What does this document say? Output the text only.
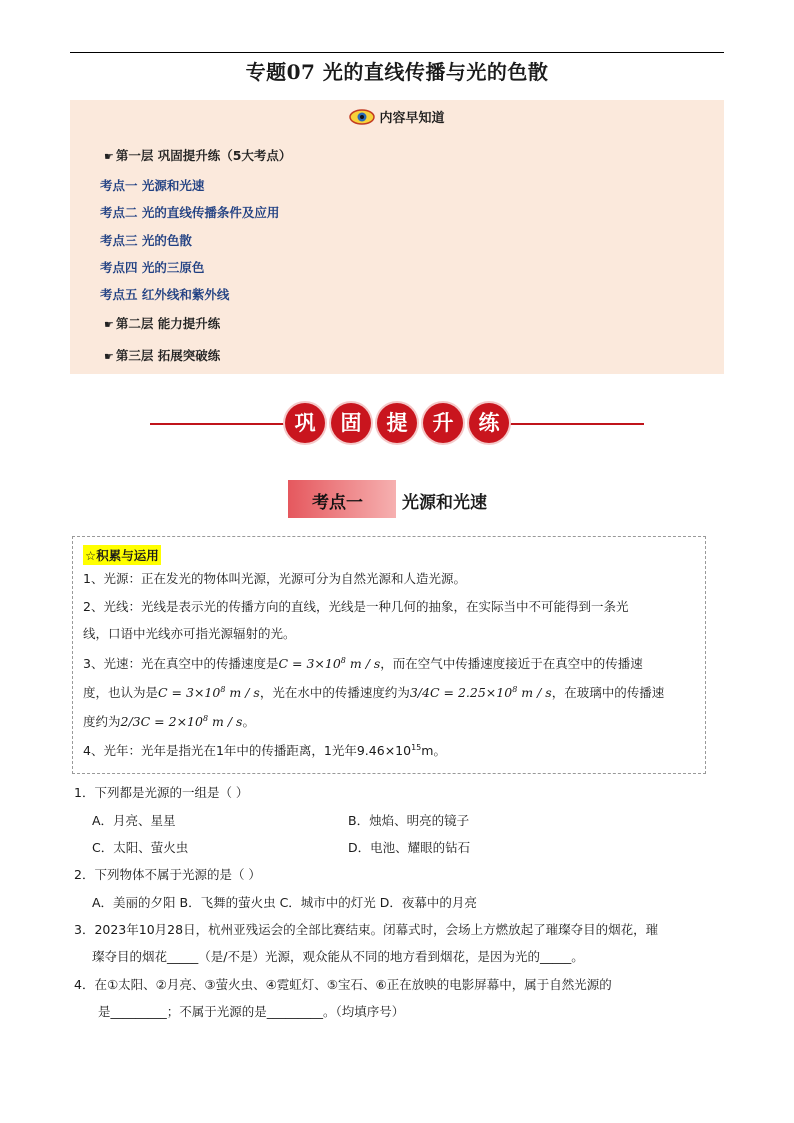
专题07 光的直线传播与光的色散
内容早知道
☛ 第一层 巩固提升练（5大考点）
考点一 光源和光速
考点二 光的直线传播条件及应用
考点三 光的色散
考点四 光的三原色
考点五 红外线和紫外线
☛ 第二层 能力提升练
☛ 第三层 拓展突破练
巩	固	提	升	练
考点一 光源和光速
☆积累与运用
1、光源：正在发光的物体叫光源，光源可分为自然光源和人造光源。
2、光线：光线是表示光的传播方向的直线，光线是一种几何的抽象，在实际当中不可能得到一条光
线，口语中光线亦可指光源辐射的光。
3、光速：光在真空中的传播速度是$C = 3\times 10^8$ m / s，而在空气中传播速度接近于在真空中的传播速
度，也认为是$C = 3\times 10^8$ m / s，光在水中的传播速度约为$3/4C = 2.25\times 10^8$ m / s，在玻璃中的传播速
度约为$2/3C = 2\times 10^8$ m / s。
4、光年：光年是指光在1年中的传播距离，1光年$9.46\times 10^{15}m$。
1．下列都是光源的一组是（ ）
A．月亮、星星	B．烛焰、明亮的镜子
C．太阳、萤火虫	D．电池、耀眼的钻石
2．下列物体不属于光源的是（ ）
A．美丽的夕阳 B．飞舞的萤火虫 C．城市中的灯光 D．夜幕中的月亮
3．2023年10月28日，杭州亚残运会的全部比赛结束。闭幕式时，会场上方燃放起了璀璨夺目的烟花，璀
璨夺目的烟花_____（是/不是）光源，观众能从不同的地方看到烟花，是因为光的_____。
4．在①太阳、②月亮、③萤火虫、④霓虹灯、⑤宝石、⑥正在放映的电影屏幕中，属于自然光源的
是_________；不属于光源的是_________。（均填序号）
